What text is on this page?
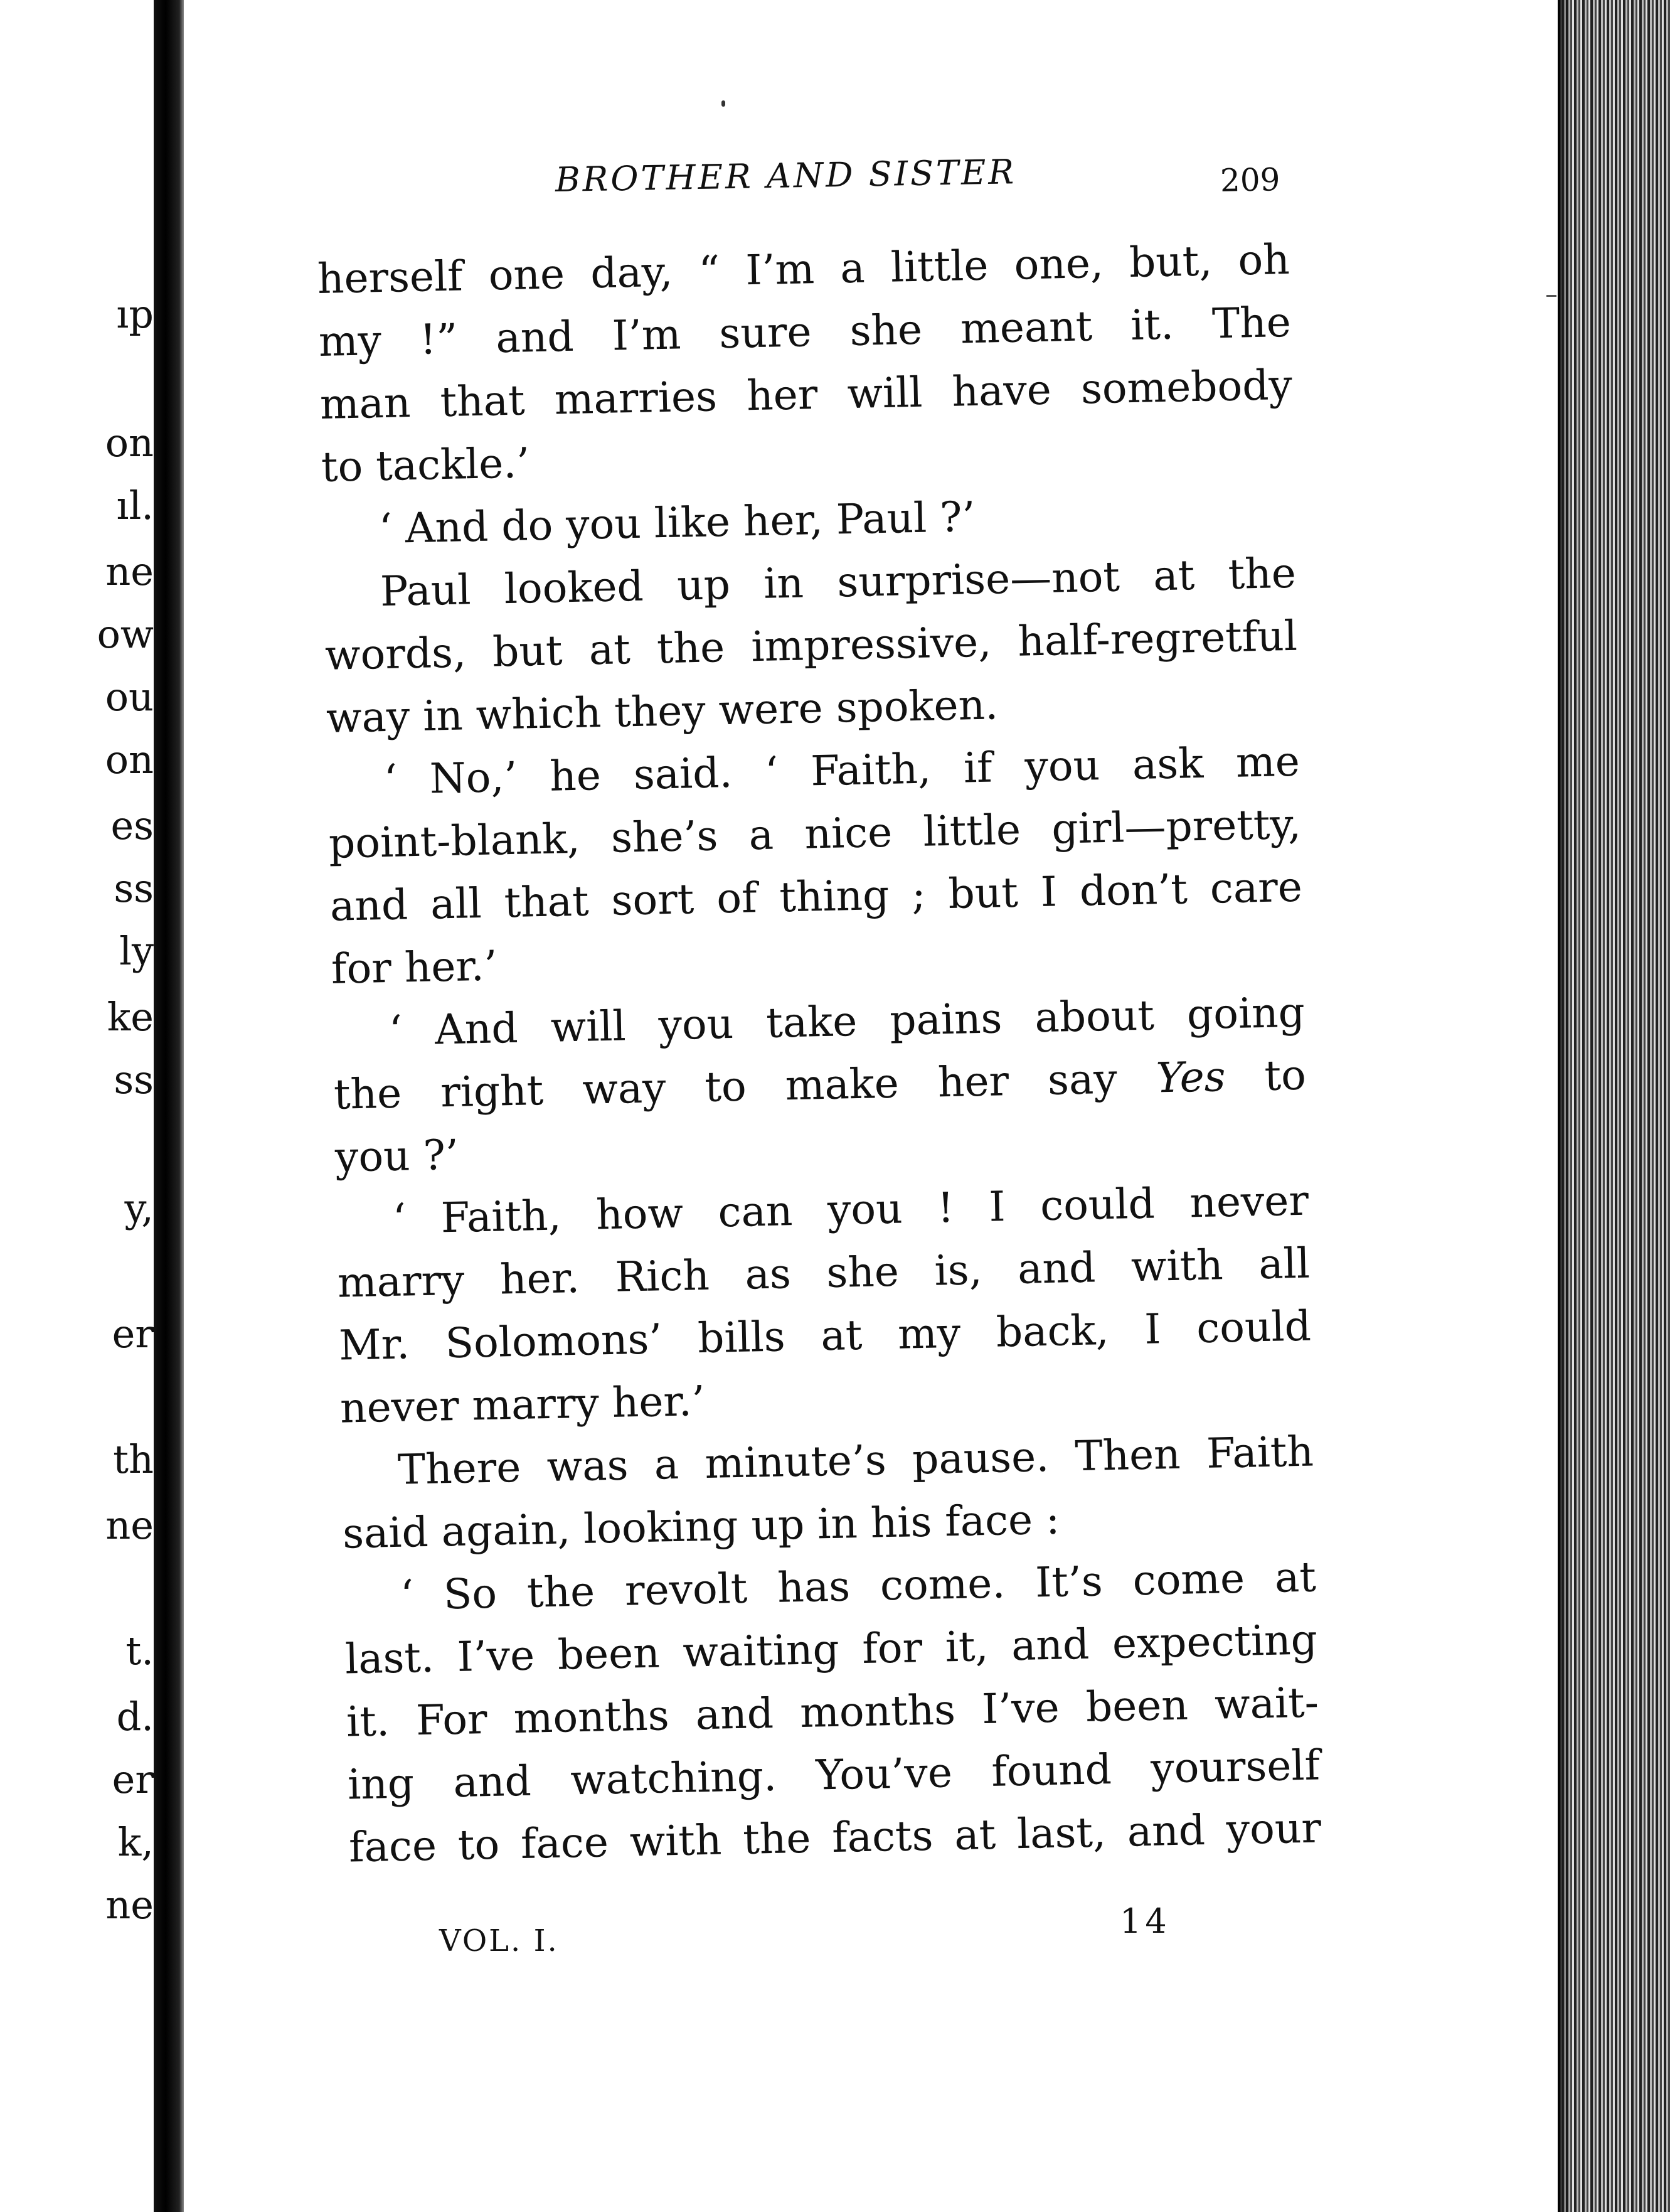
ıp
on
ıl.
ne
ow
ou
on
es
ss
ly
ke
ss
y,
er
th
ne
t.
d.
er
k,
ne
BROTHER AND SISTER	209
herself one day, “ I’m a little one, but, oh
my !” and I’m sure she meant it. The
man that marries her will have somebody
to tackle.’
‘ And do you like her, Paul ?’
Paul looked up in surprise—not at the
words, but at the impressive, half-regretful
way in which they were spoken.
‘ No,’ he said. ‘ Faith, if you ask me
point-blank, she’s a nice little girl—pretty,
and all that sort of thing ; but I don’t care
for her.’
‘ And will you take pains about going
the right way to make her say Yes to
you ?’
‘ Faith, how can you ! I could never
marry her. Rich as she is, and with all
Mr. Solomons’ bills at my back, I could
never marry her.’
There was a minute’s pause. Then Faith
said again, looking up in his face :
‘ So the revolt has come. It’s come at
last. I’ve been waiting for it, and expecting
it. For months and months I’ve been wait-
ing and watching. You’ve found yourself
face to face with the facts at last, and your
VOL. I.	14
